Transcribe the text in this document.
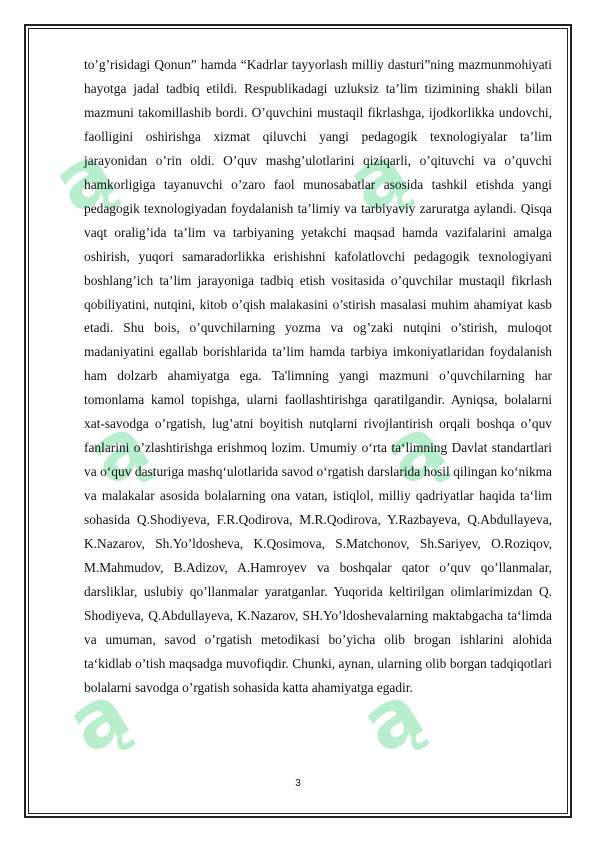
ą	ą
ą	ą
ą	ą

to’g’risidagi Qonun” hamda “Kadrlar tayyorlash milliy dasturi”ning mazmunmohiyati hayotga jadal tadbiq etildi. Respublikadagi uzluksiz ta’lim tizimining shakli bilan mazmuni takomillashib bordi. O’quvchini mustaqil fikrlashga, ijodkorlikka undovchi, faolligini oshirishga xizmat qiluvchi yangi pedagogik texnologiyalar ta’lim jarayonidan o’rin oldi. O’quv mashg’ulotlarini qiziqarli, o’qituvchi va o’quvchi hamkorligiga tayanuvchi o’zaro faol munosabatlar asosida tashkil etishda yangi pedagogik texnologiyadan foydalanish ta’limiy va tarbiyaviy zaruratga aylandi. Qisqa vaqt oralig’ida ta’lim va tarbiyaning yetakchi maqsad hamda vazifalarini amalga oshirish, yuqori samaradorlikka erishishni kafolatlovchi pedagogik texnologiyani boshlang’ich ta’lim jarayoniga tadbiq etish vositasida o’quvchilar mustaqil fikrlash qobiliyatini, nutqini, kitob o’qish malakasini o’stirish masalasi muhim ahamiyat kasb etadi. Shu bois, o’quvchilarning yozma va og’zaki nutqini o’stirish, muloqot madaniyatini egallab borishlarida ta’lim hamda tarbiya imkoniyatlaridan foydalanish ham dolzarb ahamiyatga ega. Ta'limning yangi mazmuni o’quvchilarning har tomonlama kamol topishga, ularni faollashtirishga qaratilgandir. Ayniqsa, bolalarni xat-savodga o’rgatish, lug’atni boyitish nutqlarni rivojlantirish orqali boshqa o’quv fanlarini o’zlashtirishga erishmoq lozim. Umumiy o‘rta ta‘limning Davlat standartlari va o‘quv dasturiga mashq‘ulotlarida savod o‘rgatish darslarida hosil qilingan ko‘nikma va malakalar asosida bolalarning ona vatan, istiqlol, milliy qadriyatlar haqida ta‘lim sohasida Q.Shodiyeva, F.R.Qodirova, M.R.Qodirova, Y.Razbayeva, Q.Abdullayeva, K.Nazarov, Sh.Yo’ldosheva, K.Qosimova, S.Matchonov, Sh.Sariyev, O.Roziqov, M.Mahmudov, B.Adizov, A.Hamroyev va boshqalar qator o’quv qo’llanmalar, darsliklar, uslubiy qo’llanmalar yaratganlar. Yuqorida keltirilgan olimlarimizdan Q. Shodiyeva, Q.Abdullayeva, K.Nazarov, SH.Yo’ldoshevalarning maktabgacha ta‘limda va umuman, savod o’rgatish metodikasi bo’yicha olib brogan ishlarini alohida ta‘kidlab o’tish maqsadga muvofiqdir. Chunki, aynan, ularning olib borgan tadqiqotlari bolalarni savodga o’rgatish sohasida katta ahamiyatga egadir.

3
